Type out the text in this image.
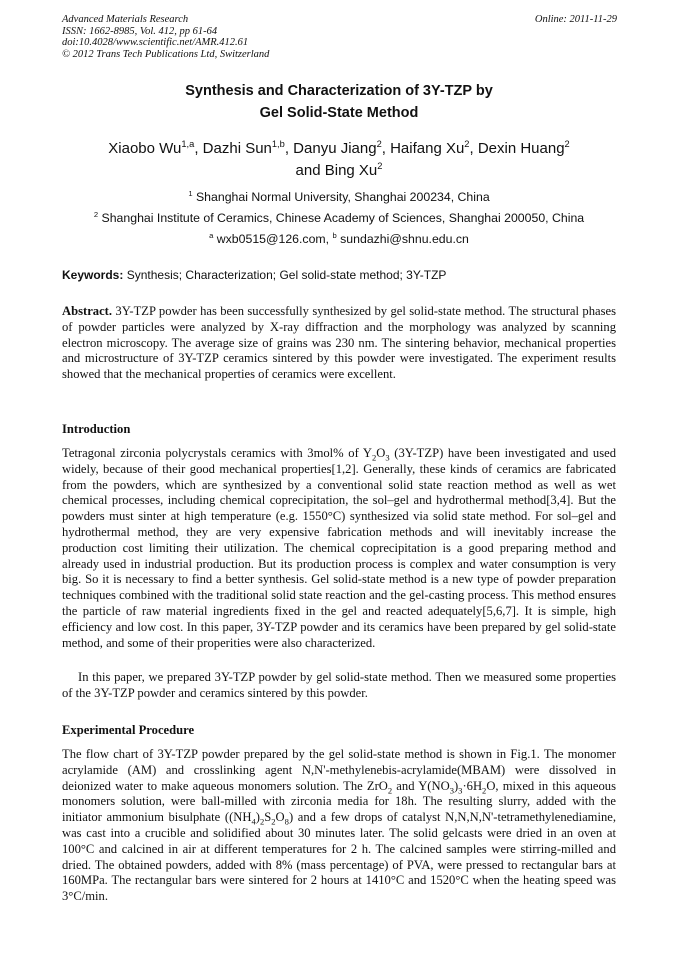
Advanced Materials Research
ISSN: 1662-8985, Vol. 412, pp 61-64
doi:10.4028/www.scientific.net/AMR.412.61
© 2012 Trans Tech Publications Ltd, Switzerland
Online: 2011-11-29
Synthesis and Characterization of 3Y-TZP by
Gel Solid-State Method
Xiaobo Wu$^{1,a}$, Dazhi Sun$^{1,b}$, Danyu Jiang$^2$, Haifang Xu$^2$, Dexin Huang$^2$
and Bing Xu$^2$
$^1$ Shanghai Normal University, Shanghai 200234, China
$^2$ Shanghai Institute of Ceramics, Chinese Academy of Sciences, Shanghai 200050, China
$^a$ wxb0515@126.com, $^b$ sundazhi@shnu.edu.cn
Keywords: Synthesis; Characterization; Gel solid-state method; 3Y-TZP
Abstract. 3Y-TZP powder has been successfully synthesized by gel solid-state method. The structural phases of powder particles were analyzed by X-ray diffraction and the morphology was analyzed by scanning electron microscopy. The average size of grains was 230 nm. The sintering behavior, mechanical properties and microstructure of 3Y-TZP ceramics sintered by this powder were investigated. The experiment results showed that the mechanical properties of ceramics were excellent.
Introduction
Tetragonal zirconia polycrystals ceramics with 3mol% of $Y_2O_3$ (3Y-TZP) have been investigated and used widely, because of their good mechanical properties[1,2]. Generally, these kinds of ceramics are fabricated from the powders, which are synthesized by a conventional solid state reaction method as well as wet chemical processes, including chemical coprecipitation, the sol–gel and hydrothermal method[3,4]. But the powders must sinter at high temperature (e.g. 1550°C) synthesized via solid state method. For sol–gel and hydrothermal method, they are very expensive fabrication methods and will inevitably increase the production cost limiting their utilization. The chemical coprecipitation is a good preparing method and already used in industrial production. But its production process is complex and water consumption is very big. So it is necessary to find a better synthesis. Gel solid-state method is a new type of powder preparation techniques combined with the traditional solid state reaction and the gel-casting process. This method ensures the particle of raw material ingredients fixed in the gel and reacted adequately[5,6,7]. It is simple, high efficiency and low cost. In this paper, 3Y-TZP powder and its ceramics have been prepared by gel solid-state method, and some of their properities were also characterized.
In this paper, we prepared 3Y-TZP powder by gel solid-state method. Then we measured some properties of the 3Y-TZP powder and ceramics sintered by this powder.
Experimental Procedure
The flow chart of 3Y-TZP powder prepared by the gel solid-state method is shown in Fig.1. The monomer acrylamide (AM) and crosslinking agent N,N'-methylenebis-acrylamide(MBAM) were dissolved in deionized water to make aqueous monomers solution. The ZrO$_2$ and $Y(NO_3)_3\cdot 6H_2O$, mixed in this aqueous monomers solution, were ball-milled with zirconia media for 18h. The resulting slurry, added with the initiator ammonium bisulphate $((NH_4)_2S_2O_8)$ and a few drops of catalyst N,N,N,N'-tetramethylenediamine, was cast into a crucible and solidified about 30 minutes later. The solid gelcasts were dried in an oven at 100°C and calcined in air at different temperatures for 2 h. The calcined samples were stirring-milled and dried. The obtained powders, added with 8% (mass percentage) of PVA, were pressed to rectangular bars at 160MPa. The rectangular bars were sintered for 2 hours at 1410°C and 1520°C when the heating speed was 3°C/min.
